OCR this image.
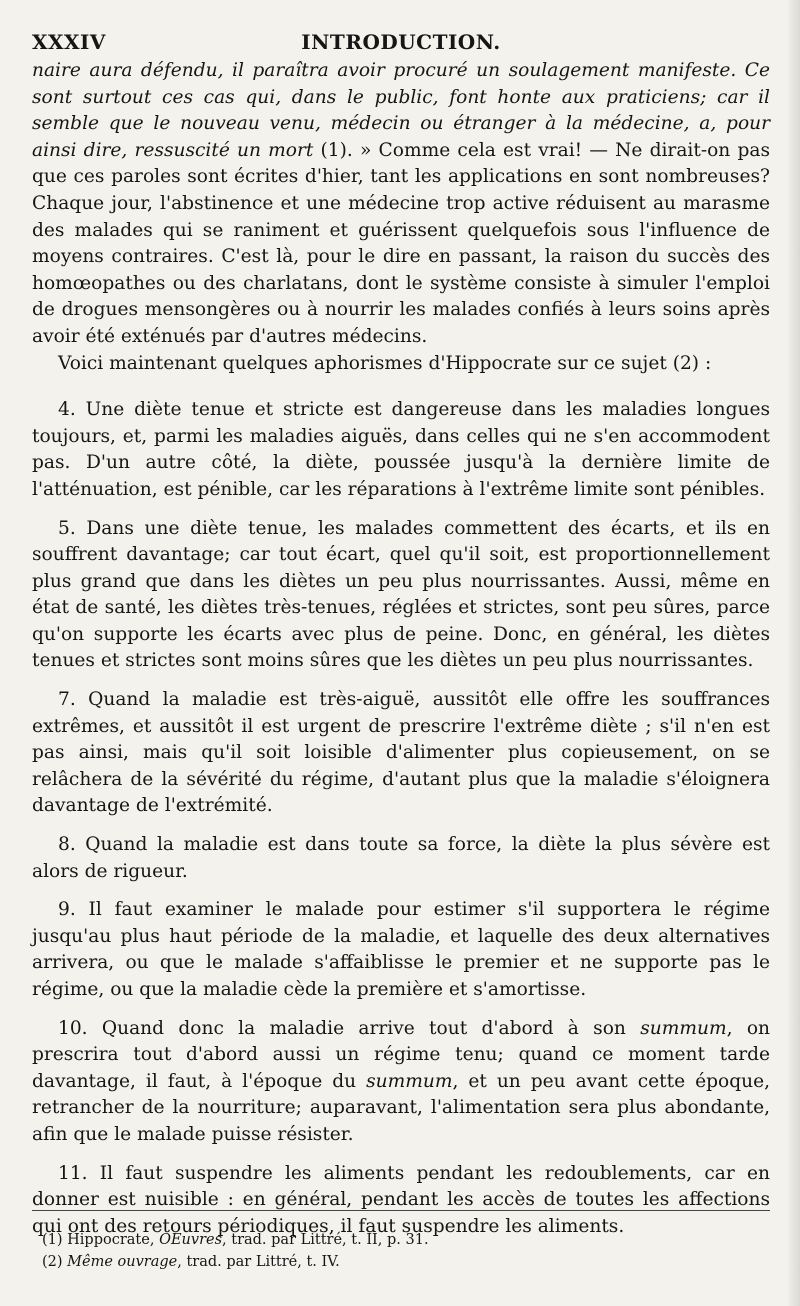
XXXIV	INTRODUCTION.

naire aura défendu, il paraîtra avoir procuré un soulagement manifeste. Ce sont surtout ces cas qui, dans le public, font honte aux praticiens; car il semble que le nouveau venu, médecin ou étranger à la médecine, a, pour ainsi dire, ressuscité un mort (1). » Comme cela est vrai! — Ne dirait-on pas que ces paroles sont écrites d'hier, tant les applications en sont nombreuses? Chaque jour, l'abstinence et une médecine trop active réduisent au marasme des malades qui se raniment et guérissent quelquefois sous l'influence de moyens contraires. C'est là, pour le dire en passant, la raison du succès des homœopathes ou des charlatans, dont le système consiste à simuler l'emploi de drogues mensongères ou à nourrir les malades confiés à leurs soins après avoir été exténués par d'autres médecins.

Voici maintenant quelques aphorismes d'Hippocrate sur ce sujet (2) :

4. Une diète tenue et stricte est dangereuse dans les maladies longues toujours, et, parmi les maladies aiguës, dans celles qui ne s'en accommodent pas. D'un autre côté, la diète, poussée jusqu'à la dernière limite de l'atténuation, est pénible, car les réparations à l'extrême limite sont pénibles.

5. Dans une diète tenue, les malades commettent des écarts, et ils en souffrent davantage; car tout écart, quel qu'il soit, est proportionnellement plus grand que dans les diètes un peu plus nourrissantes. Aussi, même en état de santé, les diètes très-tenues, réglées et strictes, sont peu sûres, parce qu'on supporte les écarts avec plus de peine. Donc, en général, les diètes tenues et strictes sont moins sûres que les diètes un peu plus nourrissantes.

7. Quand la maladie est très-aiguë, aussitôt elle offre les souffrances extrêmes, et aussitôt il est urgent de prescrire l'extrême diète ; s'il n'en est pas ainsi, mais qu'il soit loisible d'alimenter plus copieusement, on se relâchera de la sévérité du régime, d'autant plus que la maladie s'éloignera davantage de l'extrémité.

8. Quand la maladie est dans toute sa force, la diète la plus sévère est alors de rigueur.

9. Il faut examiner le malade pour estimer s'il supportera le régime jusqu'au plus haut période de la maladie, et laquelle des deux alternatives arrivera, ou que le malade s'affaiblisse le premier et ne supporte pas le régime, ou que la maladie cède la première et s'amortisse.

10. Quand donc la maladie arrive tout d'abord à son summum, on prescrira tout d'abord aussi un régime tenu; quand ce moment tarde davantage, il faut, à l'époque du summum, et un peu avant cette époque, retrancher de la nourriture; auparavant, l'alimentation sera plus abondante, afin que le malade puisse résister.

11. Il faut suspendre les aliments pendant les redoublements, car en donner est nuisible : en général, pendant les accès de toutes les affections qui ont des retours périodiques, il faut suspendre les aliments.

(1) Hippocrate, OEuvres, trad. par Littré, t. II, p. 31.

(2) Même ouvrage, trad. par Littré, t. IV.
